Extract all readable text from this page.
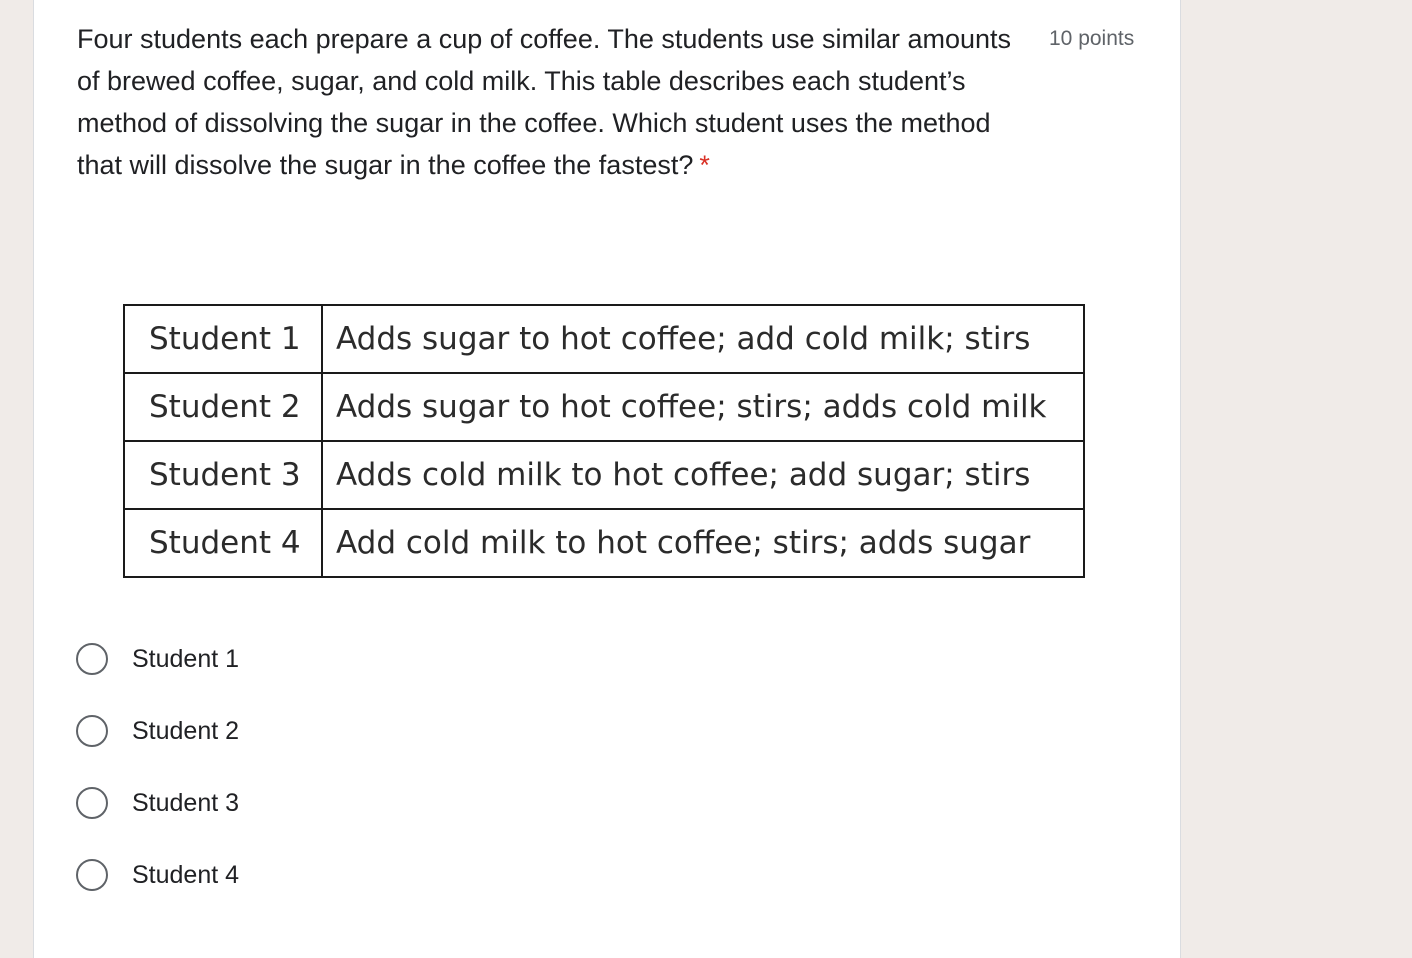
Four students each prepare a cup of coffee. The students use similar amounts of brewed coffee, sugar, and cold milk. This table describes each student’s method of dissolving the sugar in the coffee. Which student uses the method that will dissolve the sugar in the coffee the fastest? *
10 points
Student 1	Adds sugar to hot coffee; add cold milk; stirs
Student 2	Adds sugar to hot coffee; stirs; adds cold milk
Student 3	Adds cold milk to hot coffee; add sugar; stirs
Student 4	Add cold milk to hot coffee; stirs; adds sugar
Student 1
Student 2
Student 3
Student 4
